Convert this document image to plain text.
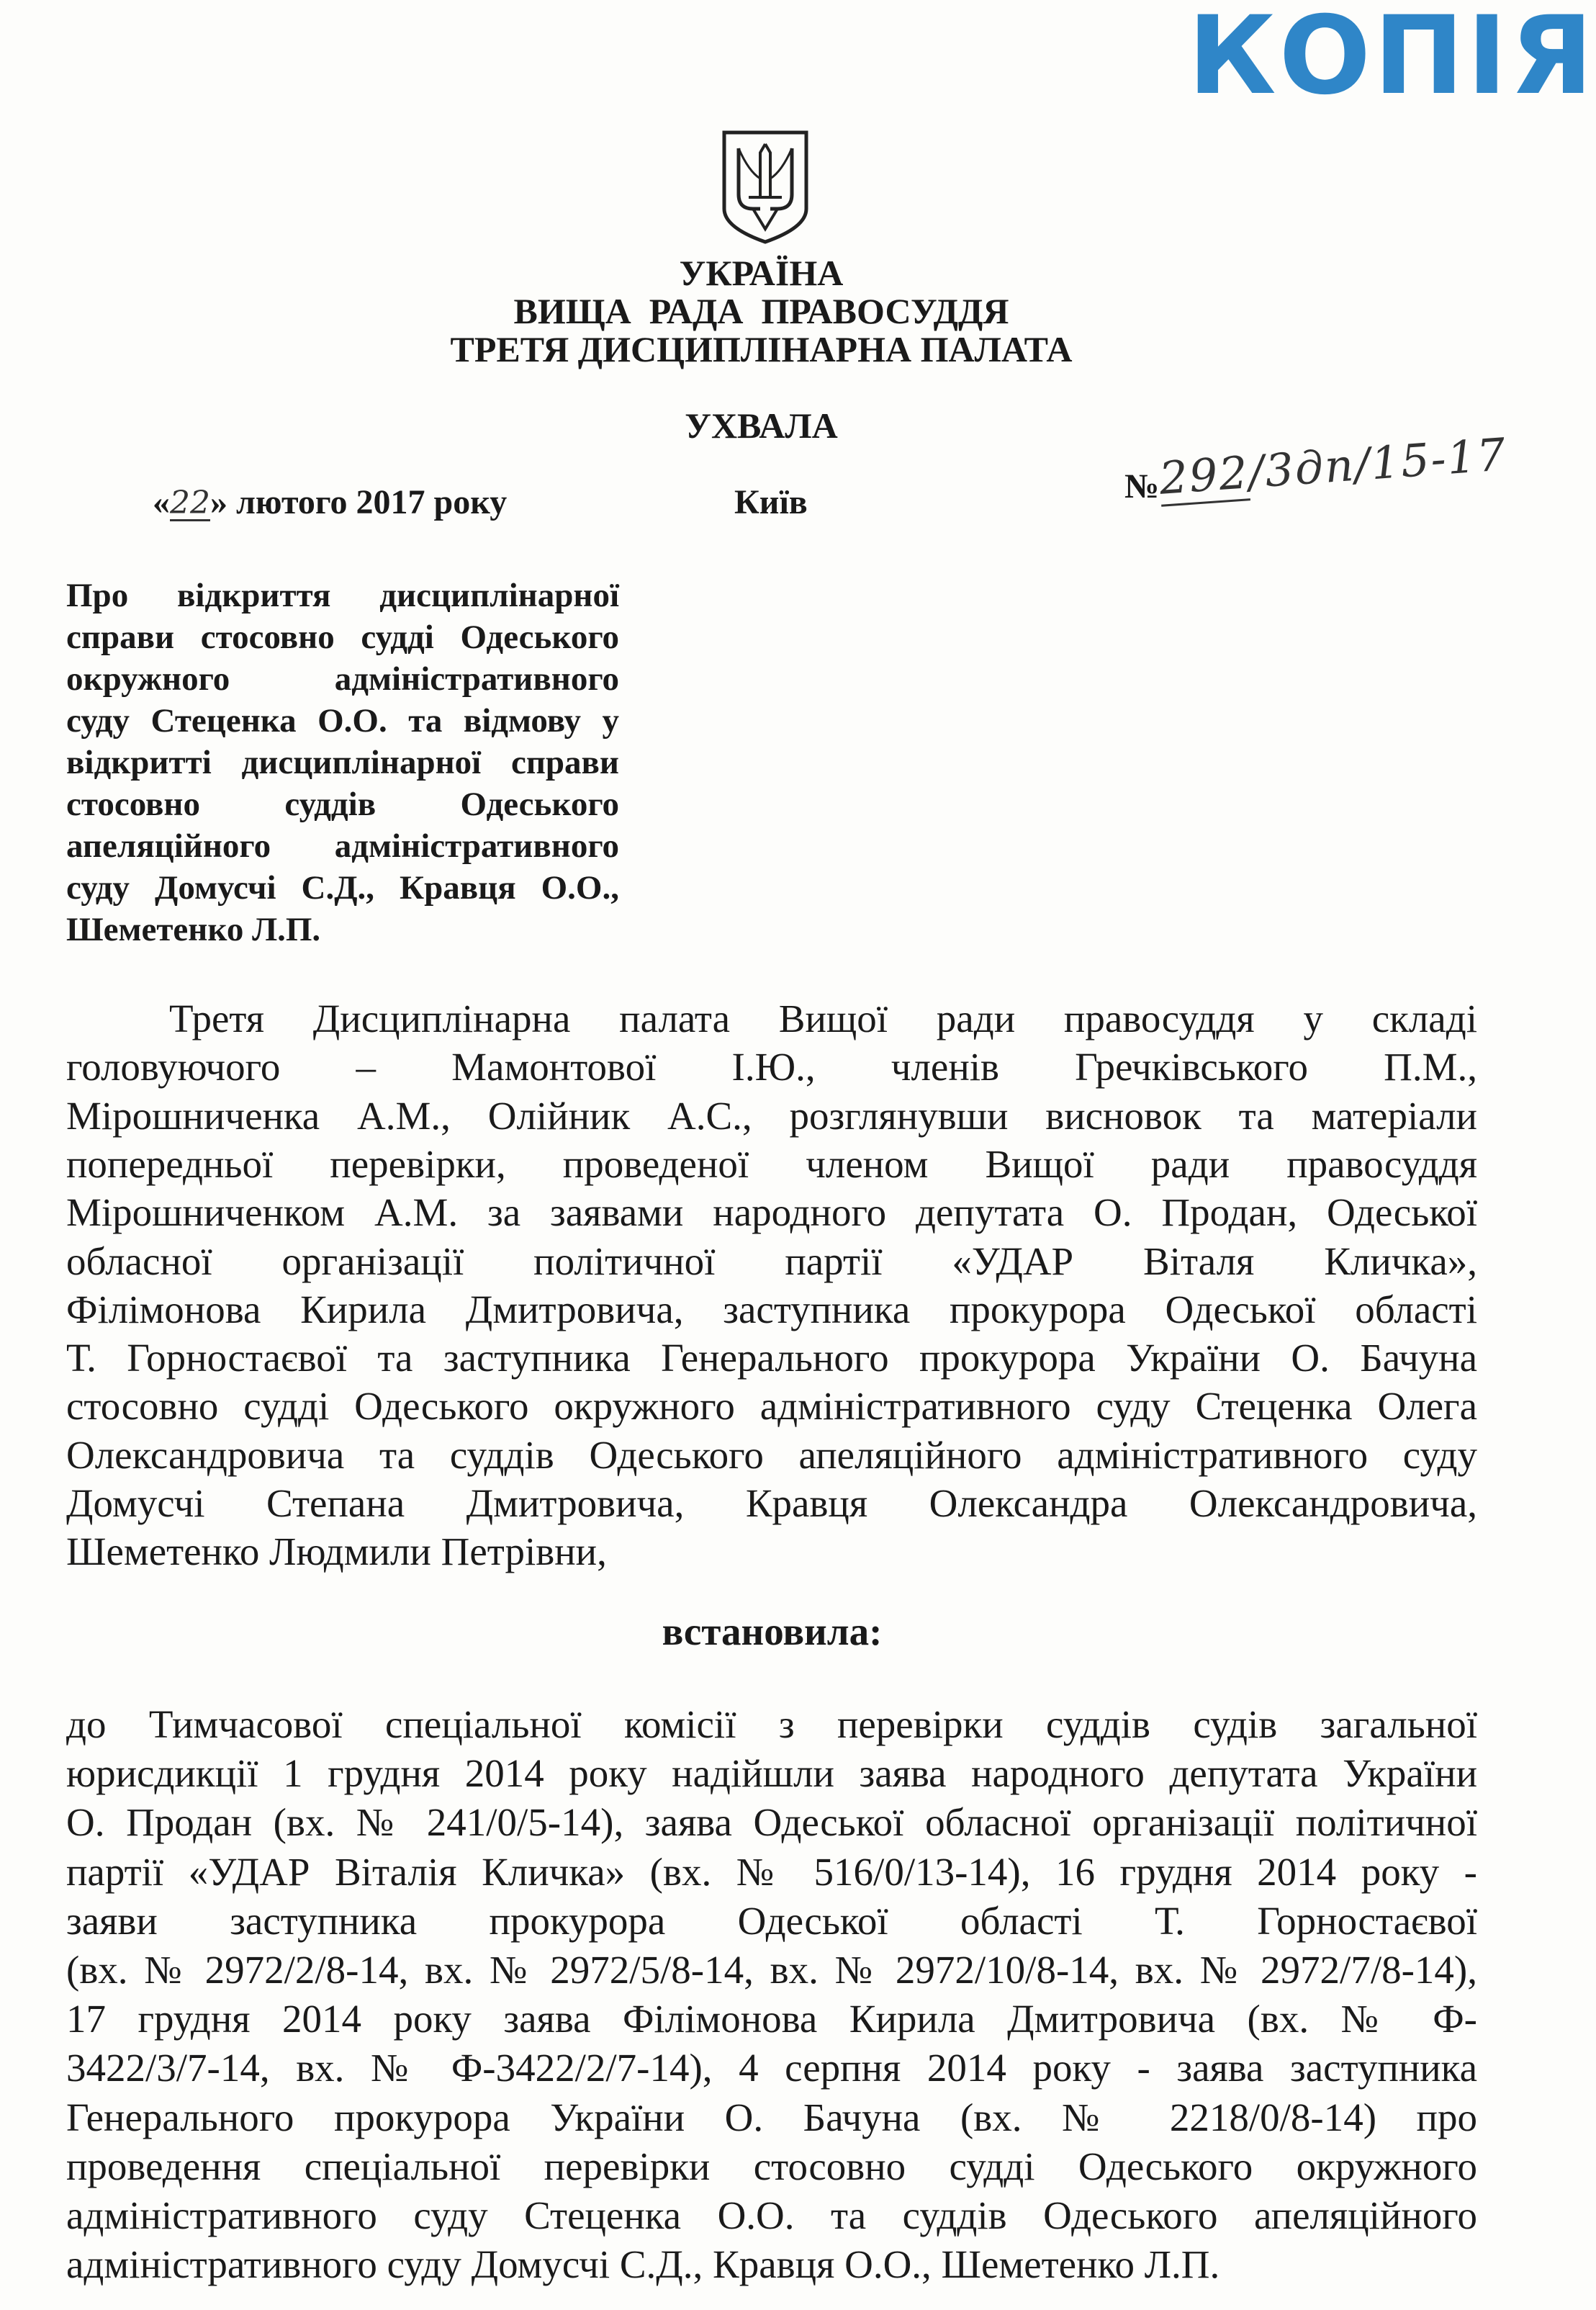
КОПІЯ
УКРАЇНА
ВИЩА  РАДА  ПРАВОСУДДЯ
ТРЕТЯ ДИСЦИПЛІНАРНА ПАЛАТА
УХВАЛА
«22» лютого 2017 року	Київ	№292/3дп/15-17
Про відкриття дисциплінарної
справи стосовно судді Одеського
окружного адміністративного
суду Стеценка О.О. та відмову у
відкритті дисциплінарної справи
стосовно суддів Одеського
апеляційного адміністративного
суду Домусчі С.Д., Кравця О.О.,
Шеметенко Л.П.
Третя Дисциплінарна палата Вищої ради правосуддя у складі
головуючого – Мамонтової І.Ю., членів Гречківського П.М.,
Мірошниченка А.М., Олійник А.С., розглянувши висновок та матеріали
попередньої перевірки, проведеної членом Вищої ради правосуддя
Мірошниченком А.М. за заявами народного депутата О. Продан, Одеської
обласної організації політичної партії «УДАР Віталя Кличка»,
Філімонова Кирила Дмитровича, заступника прокурора Одеської області
Т. Горностаєвої та заступника Генерального прокурора України О. Бачуна
стосовно судді Одеського окружного адміністративного суду Стеценка Олега
Олександровича та суддів Одеського апеляційного адміністративного суду
Домусчі Степана Дмитровича, Кравця Олександра Олександровича,
Шеметенко Людмили Петрівни,
встановила:
до Тимчасової спеціальної комісії з перевірки суддів судів загальної
юрисдикції 1 грудня 2014 року надійшли заява народного депутата України
О. Продан (вх. № 241/0/5-14), заява Одеської обласної організації політичної
партії «УДАР Віталія Кличка» (вх. № 516/0/13-14), 16 грудня 2014 року -
заяви заступника прокурора Одеської області Т. Горностаєвої
(вх. № 2972/2/8-14, вх. № 2972/5/8-14, вх. № 2972/10/8-14, вх. № 2972/7/8-14),
17 грудня 2014 року заява Філімонова Кирила Дмитровича (вх. № Ф-
3422/3/7-14, вх. № Ф-3422/2/7-14), 4 серпня 2014 року - заява заступника
Генерального прокурора України О. Бачуна (вх. № 2218/0/8-14) про
проведення спеціальної перевірки стосовно судді Одеського окружного
адміністративного суду Стеценка О.О. та суддів Одеського апеляційного
адміністративного суду Домусчі С.Д., Кравця О.О., Шеметенко Л.П.
